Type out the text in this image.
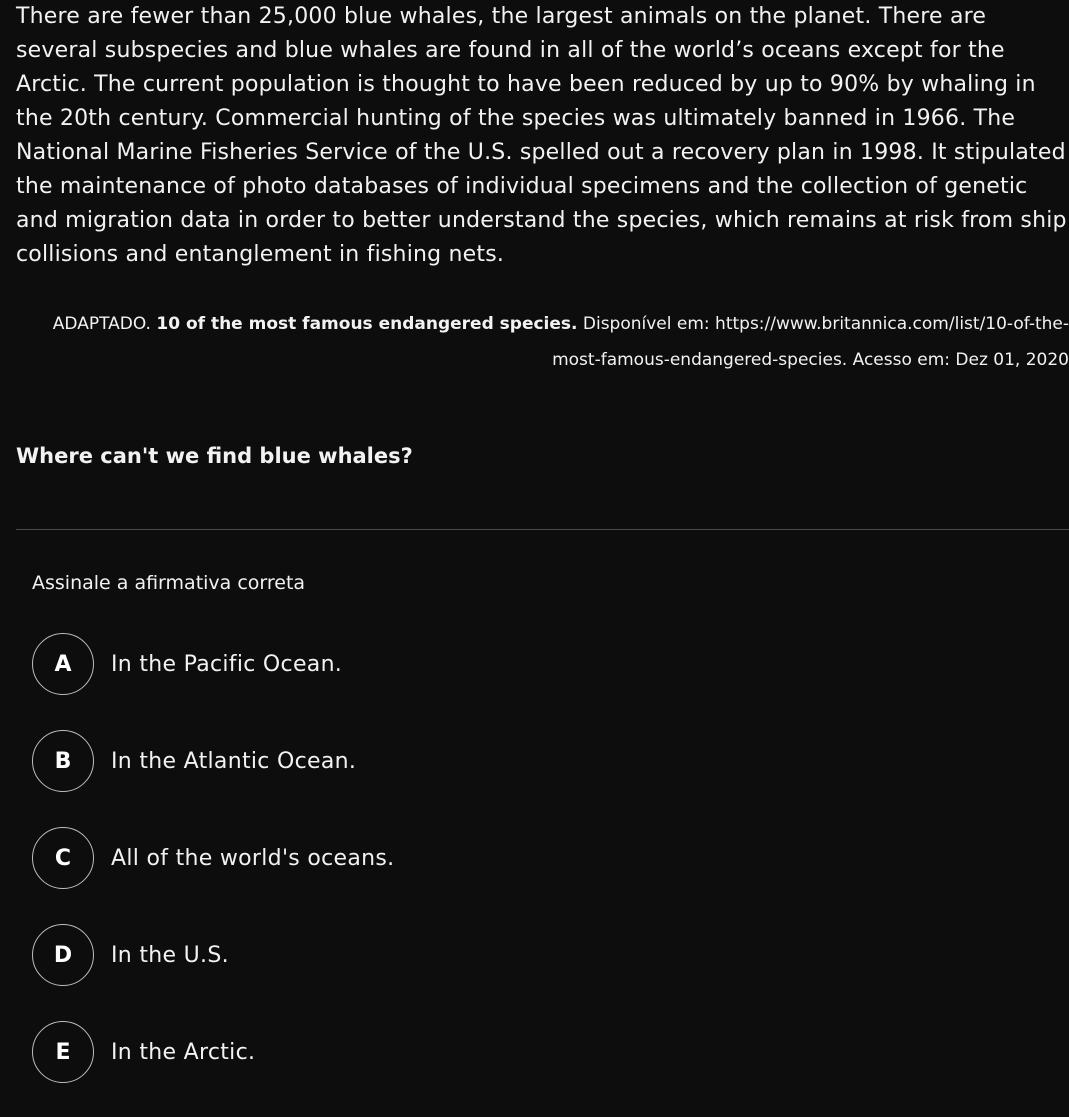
There are fewer than 25,000 blue whales, the largest animals on the planet. There are several subspecies and blue whales are found in all of the world’s oceans except for the Arctic. The current population is thought to have been reduced by up to 90% by whaling in the 20th century. Commercial hunting of the species was ultimately banned in 1966. The National Marine Fisheries Service of the U.S. spelled out a recovery plan in 1998. It stipulated the maintenance of photo databases of individual specimens and the collection of genetic and migration data in order to better understand the species, which remains at risk from ship collisions and entanglement in fishing nets.

ADAPTADO. 10 of the most famous endangered species. Disponível em: https://www.britannica.com/list/10-of-the-
most-famous-endangered-species. Acesso em: Dez 01, 2020

Where can't we find blue whales?

Assinale a afirmativa correta

A	In the Pacific Ocean.
B	In the Atlantic Ocean.
C	All of the world's oceans.
D	In the U.S.
E	In the Arctic.
